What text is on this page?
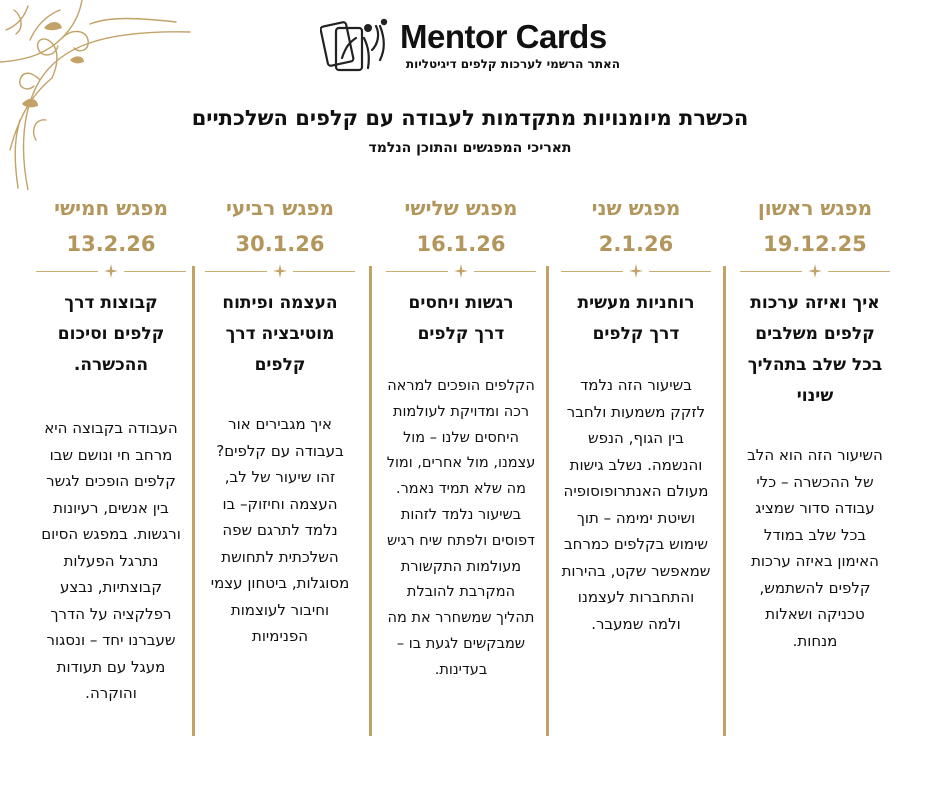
Mentor Cards
האתר הרשמי לערכות קלפים דיגיטליות
הכשרת מיומנויות מתקדמות לעבודה עם קלפים השלכתיים
תאריכי המפגשים והתוכן הנלמד
מפגש ראשון
19.12.25
איך ואיזה ערכות קלפים משלבים בכל שלב בתהליך שינוי
השיעור הזה הוא הלב של ההכשרה – כלי עבודה סדור שמציג בכל שלב במודל האימון באיזה ערכות קלפים להשתמש, טכניקה ושאלות מנחות.
מפגש שני
2.1.26
רוחניות מעשית דרך קלפים
בשיעור הזה נלמד לזקק משמעות ולחבר בין הגוף, הנפש והנשמה. נשלב גישות מעולם האנתרופוסופיה ושיטת ימימה – תוך שימוש בקלפים כמרחב שמאפשר שקט, בהירות והתחברות לעצמנו ולמה שמעבר.
מפגש שלישי
16.1.26
רגשות ויחסים דרך קלפים
הקלפים הופכים למראה רכה ומדויקת לעולמות היחסים שלנו – מול עצמנו, מול אחרים, ומול מה שלא תמיד נאמר. בשיעור נלמד לזהות דפוסים ולפתח שיח רגיש מעולמות התקשורת המקרבת להובלת תהליך שמשחרר את מה שמבקשים לגעת בו – בעדינות.
מפגש רביעי
30.1.26
העצמה ופיתוח מוטיבציה דרך קלפים
איך מגבירים אור בעבודה עם קלפים? זהו שיעור של לב, העצמה וחיזוק– בו נלמד לתרגם שפה השלכתית לתחושת מסוגלות, ביטחון עצמי וחיבור לעוצמות הפנימיות
מפגש חמישי
13.2.26
קבוצות דרך קלפים וסיכום ההכשרה.
העבודה בקבוצה היא מרחב חי ונושם שבו קלפים הופכים לגשר בין אנשים, רעיונות ורגשות. במפגש הסיום נתרגל הפעלות קבוצתיות, נבצע רפלקציה על הדרך שעברנו יחד – ונסגור מעגל עם תעודות והוקרה.
